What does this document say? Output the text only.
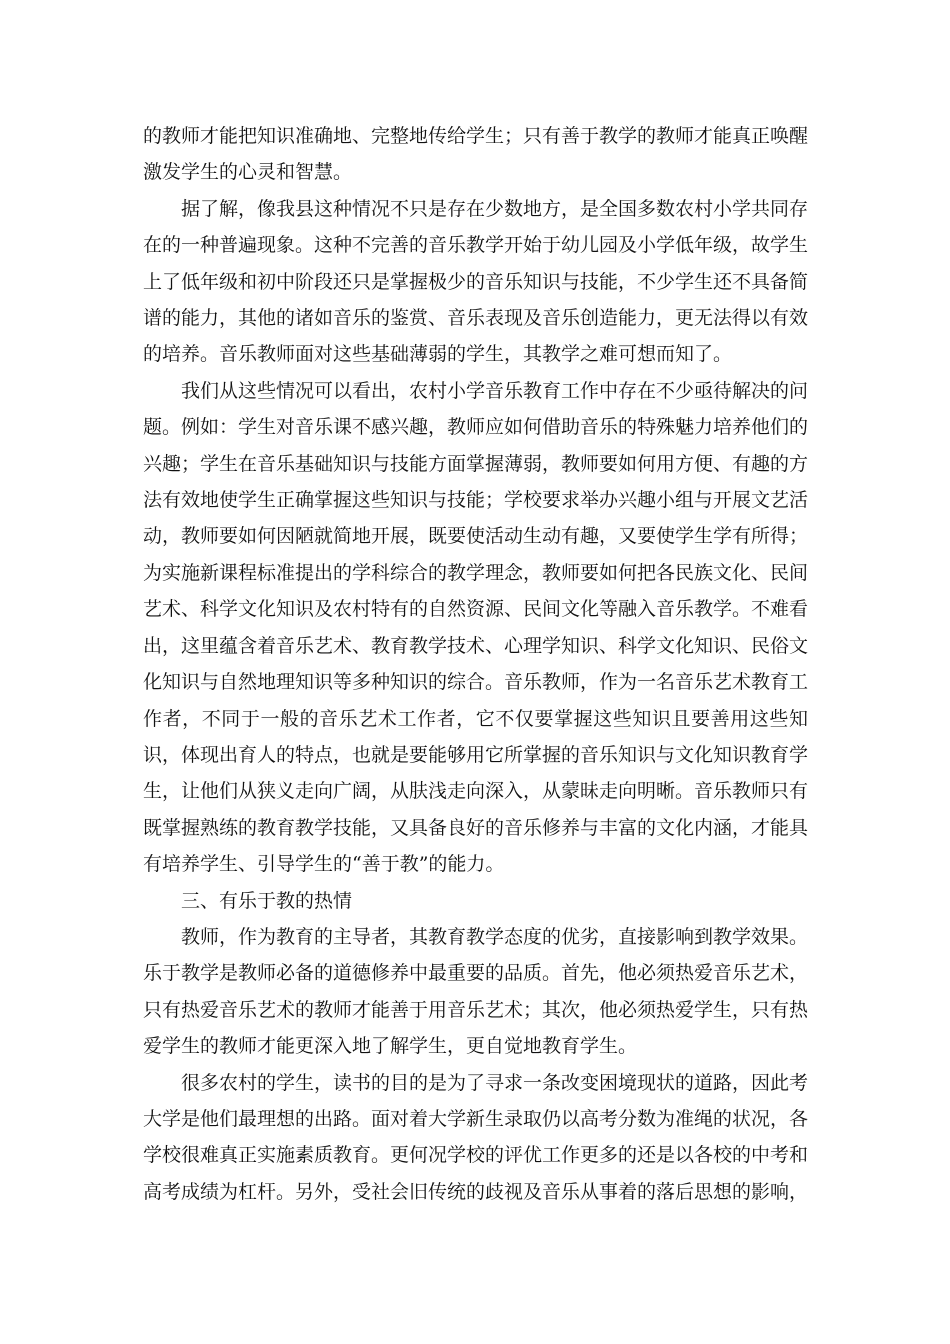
的教师才能把知识准确地、完整地传给学生；只有善于教学的教师才能真正唤醒激发学生的心灵和智慧。

据了解，像我县这种情况不只是存在少数地方，是全国多数农村小学共同存在的一种普遍现象。这种不完善的音乐教学开始于幼儿园及小学低年级，故学生上了低年级和初中阶段还只是掌握极少的音乐知识与技能，不少学生还不具备简谱的能力，其他的诸如音乐的鉴赏、音乐表现及音乐创造能力，更无法得以有效的培养。音乐教师面对这些基础薄弱的学生，其教学之难可想而知了。

我们从这些情况可以看出，农村小学音乐教育工作中存在不少亟待解决的问题。例如：学生对音乐课不感兴趣，教师应如何借助音乐的特殊魅力培养他们的兴趣；学生在音乐基础知识与技能方面掌握薄弱，教师要如何用方便、有趣的方法有效地使学生正确掌握这些知识与技能；学校要求举办兴趣小组与开展文艺活动，教师要如何因陋就简地开展，既要使活动生动有趣，又要使学生学有所得；为实施新课程标准提出的学科综合的教学理念，教师要如何把各民族文化、民间艺术、科学文化知识及农村特有的自然资源、民间文化等融入音乐教学。不难看出，这里蕴含着音乐艺术、教育教学技术、心理学知识、科学文化知识、民俗文化知识与自然地理知识等多种知识的综合。音乐教师，作为一名音乐艺术教育工作者，不同于一般的音乐艺术工作者，它不仅要掌握这些知识且要善用这些知识，体现出育人的特点，也就是要能够用它所掌握的音乐知识与文化知识教育学生，让他们从狭义走向广阔，从肤浅走向深入，从蒙昧走向明晰。音乐教师只有既掌握熟练的教育教学技能，又具备良好的音乐修养与丰富的文化内涵，才能具有培养学生、引导学生的“善于教”的能力。

三、有乐于教的热情

教师，作为教育的主导者，其教育教学态度的优劣，直接影响到教学效果。乐于教学是教师必备的道德修养中最重要的品质。首先，他必须热爱音乐艺术，只有热爱音乐艺术的教师才能善于用音乐艺术；其次，他必须热爱学生，只有热爱学生的教师才能更深入地了解学生，更自觉地教育学生。

很多农村的学生，读书的目的是为了寻求一条改变困境现状的道路，因此考大学是他们最理想的出路。面对着大学新生录取仍以高考分数为准绳的状况，各学校很难真正实施素质教育。更何况学校的评优工作更多的还是以各校的中考和高考成绩为杠杆。另外，受社会旧传统的歧视及音乐从事着的落后思想的影响，
